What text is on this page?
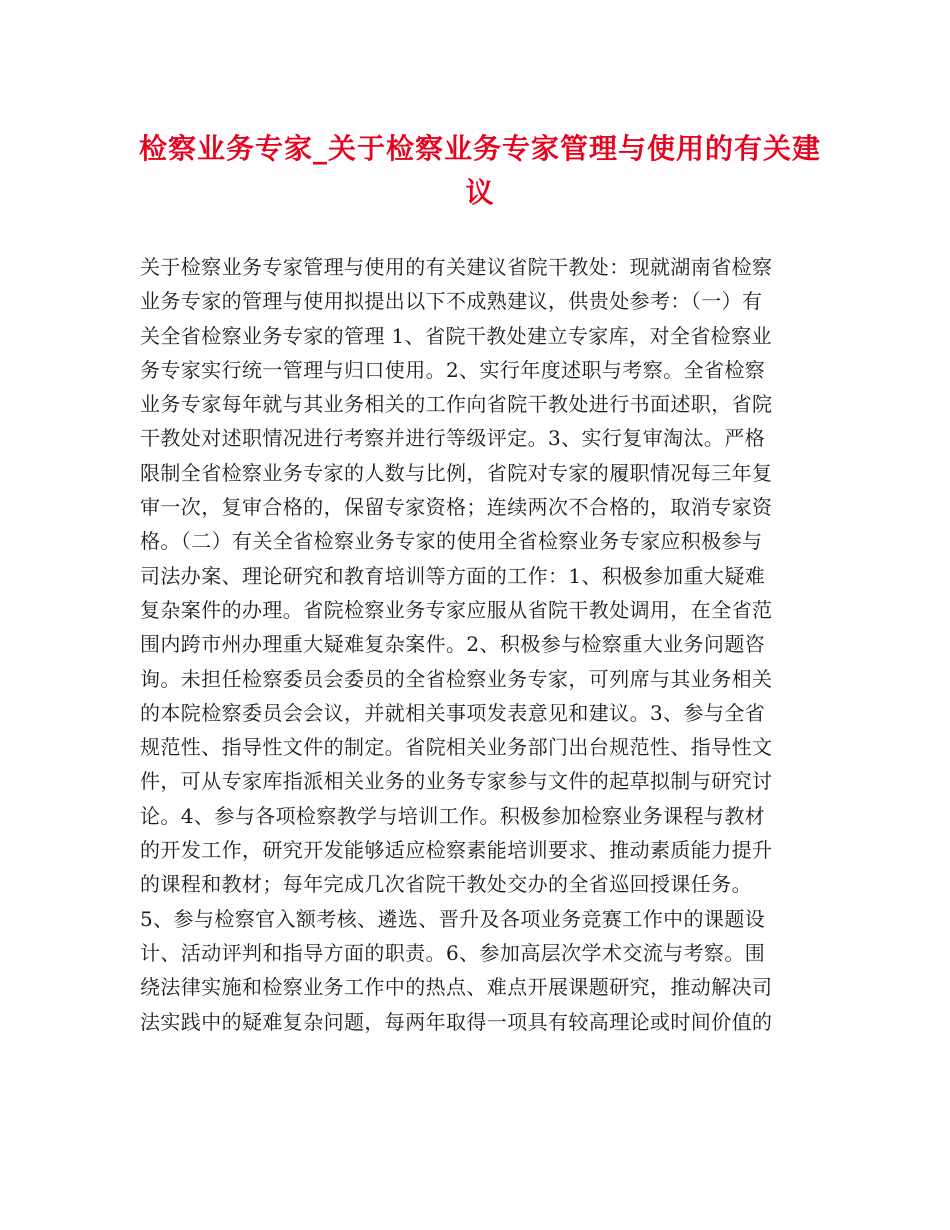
检察业务专家_关于检察业务专家管理与使用的有关建
议
关于检察业务专家管理与使用的有关建议省院干教处：现就湖南省检察
业务专家的管理与使用拟提出以下不成熟建议，供贵处参考：（一）有
关全省检察业务专家的管理 1、省院干教处建立专家库，对全省检察业
务专家实行统一管理与归口使用。2、实行年度述职与考察。全省检察
业务专家每年就与其业务相关的工作向省院干教处进行书面述职，省院
干教处对述职情况进行考察并进行等级评定。3、实行复审淘汰。严格
限制全省检察业务专家的人数与比例，省院对专家的履职情况每三年复
审一次，复审合格的，保留专家资格；连续两次不合格的，取消专家资
格。（二）有关全省检察业务专家的使用全省检察业务专家应积极参与
司法办案、理论研究和教育培训等方面的工作：1、积极参加重大疑难
复杂案件的办理。省院检察业务专家应服从省院干教处调用，在全省范
围内跨市州办理重大疑难复杂案件。2、积极参与检察重大业务问题咨
询。未担任检察委员会委员的全省检察业务专家，可列席与其业务相关
的本院检察委员会会议，并就相关事项发表意见和建议。3、参与全省
规范性、指导性文件的制定。省院相关业务部门出台规范性、指导性文
件，可从专家库指派相关业务的业务专家参与文件的起草拟制与研究讨
论。4、参与各项检察教学与培训工作。积极参加检察业务课程与教材
的开发工作，研究开发能够适应检察素能培训要求、推动素质能力提升
的课程和教材；每年完成几次省院干教处交办的全省巡回授课任务。
5、参与检察官入额考核、遴选、晋升及各项业务竞赛工作中的课题设
计、活动评判和指导方面的职责。6、参加高层次学术交流与考察。围
绕法律实施和检察业务工作中的热点、难点开展课题研究，推动解决司
法实践中的疑难复杂问题，每两年取得一项具有较高理论或时间价值的
